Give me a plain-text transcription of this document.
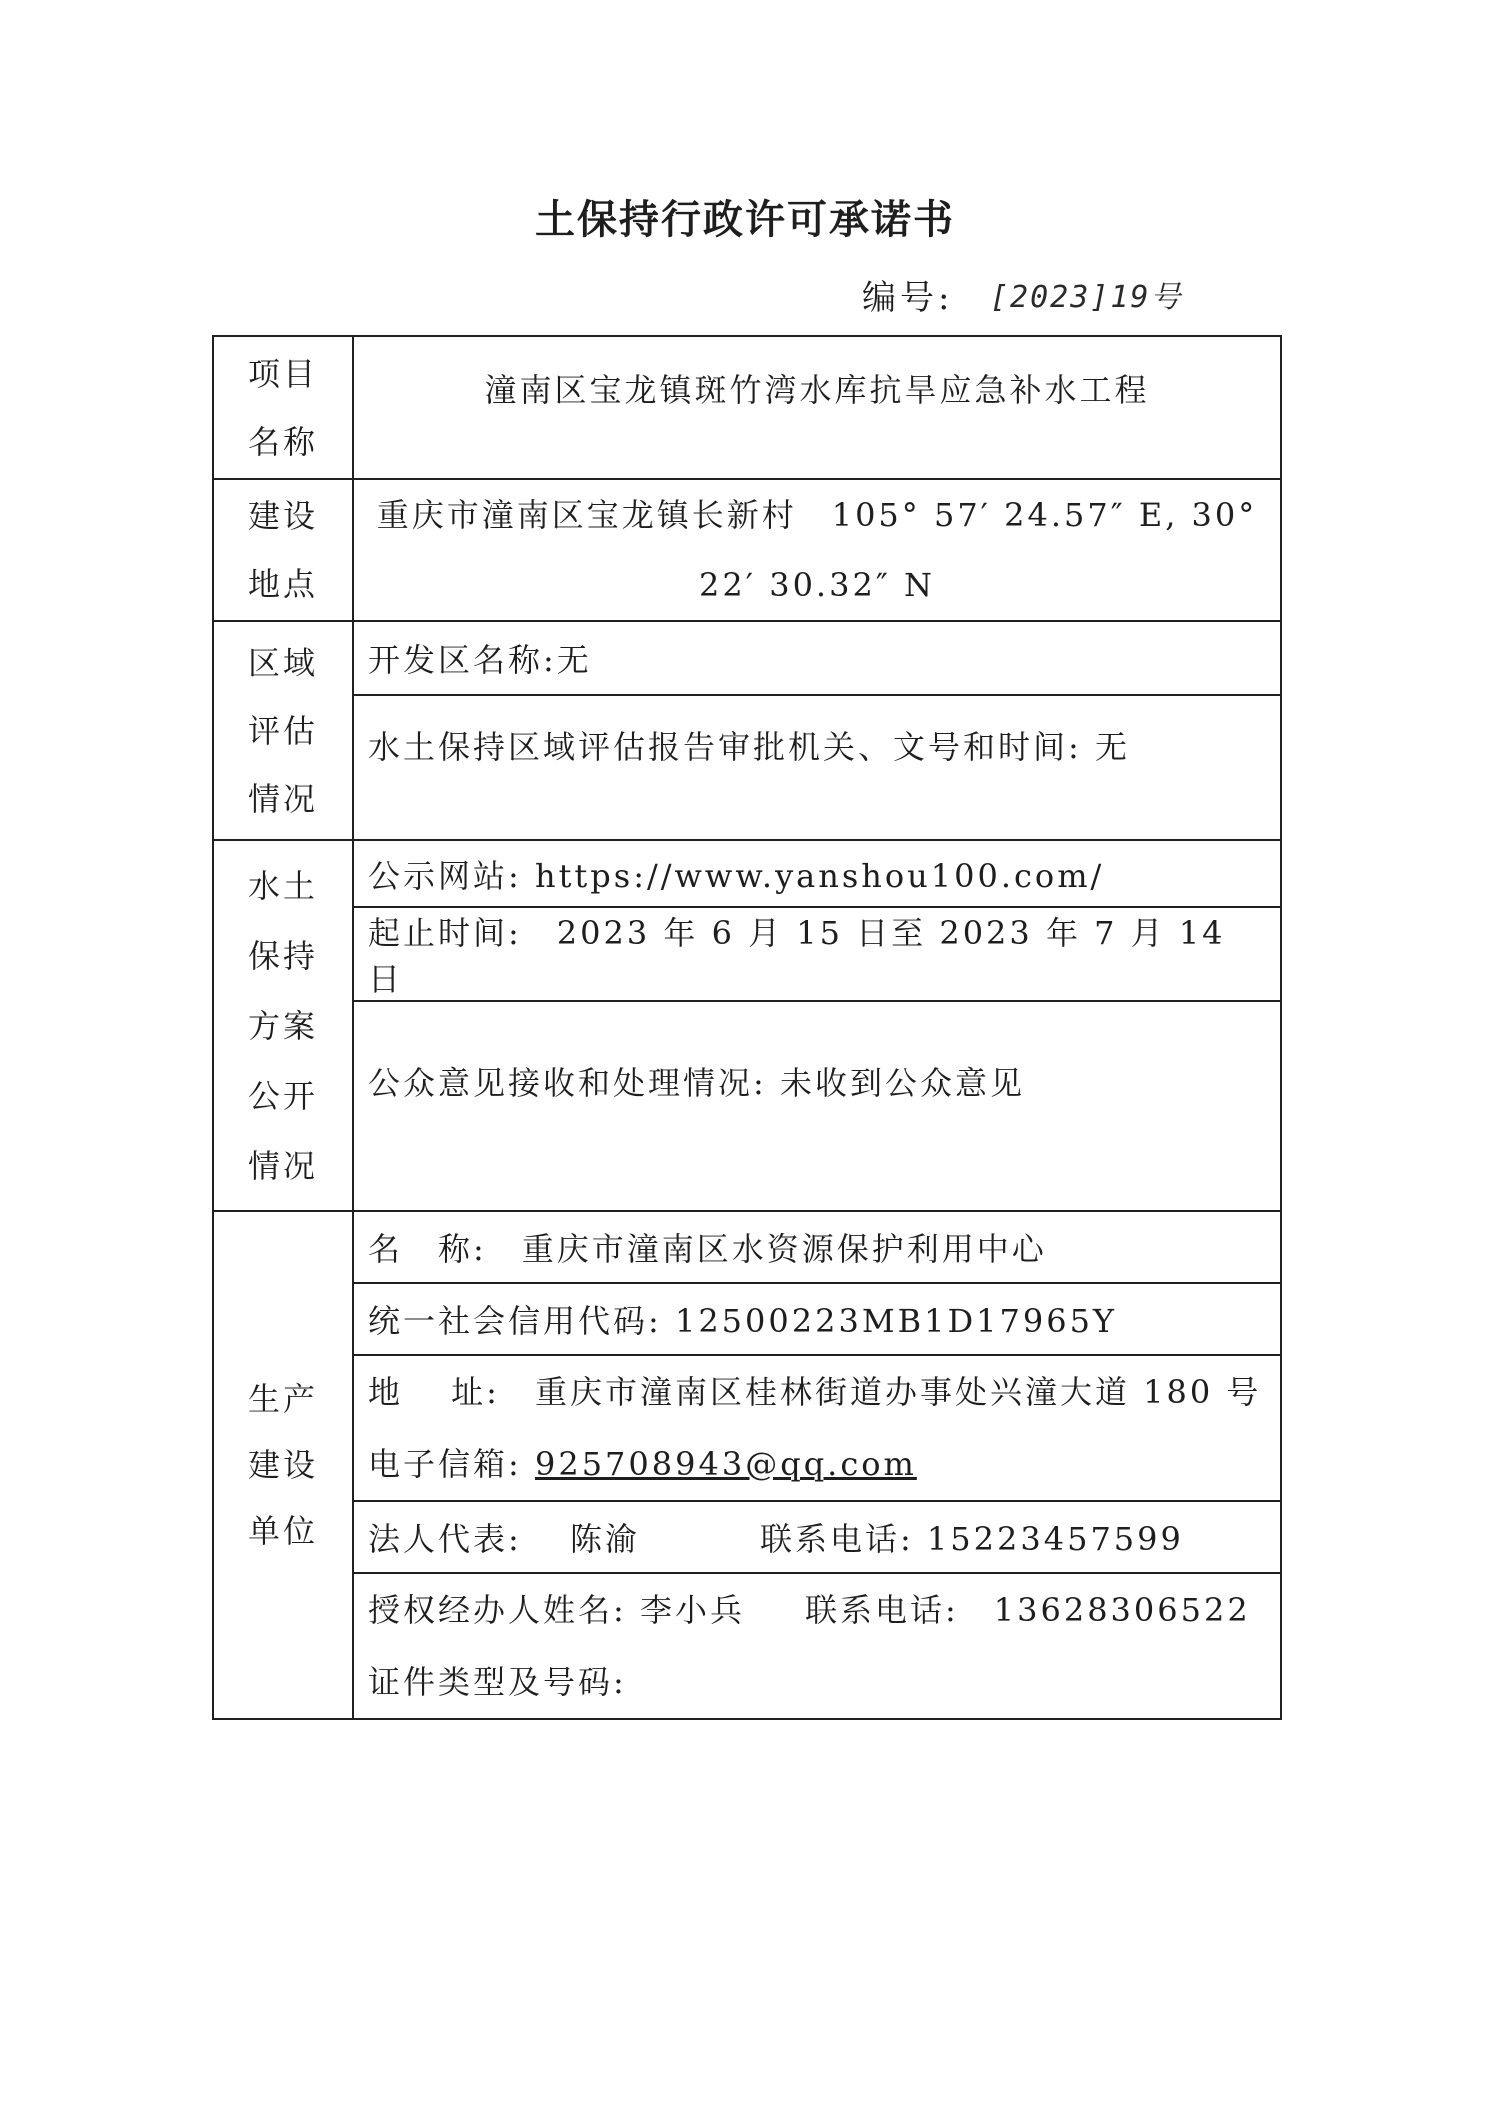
土保持行政许可承诺书
编号: [2023]19号
项目
名称	潼南区宝龙镇斑竹湾水库抗旱应急补水工程

建设
地点	重庆市潼南区宝龙镇长新村　105° 57′ 24.57″ E, 30°
22′ 30.32″ N

区域
评估
情况	开发区名称:无
	水土保持区域评估报告审批机关、文号和时间: 无

水土
保持
方案
公开
情况	公示网站: https://www.yanshou100.com/
	起止时间:　2023 年 6 月 15 日至 2023 年 7 月 14 日
	公众意见接收和处理情况: 未收到公众意见

生产
建设
单位	名　称:　重庆市潼南区水资源保护利用中心
	统一社会信用代码: 12500223MB1D17965Y

	地　 址:　重庆市潼南区桂林街道办事处兴潼大道 180 号
电子信箱: 925708943@qq.com

	法人代表:　 陈渝 联系电话: 15223457599

	授权经办人姓名: 李小兵 联系电话:　13628306522
证件类型及号码:
